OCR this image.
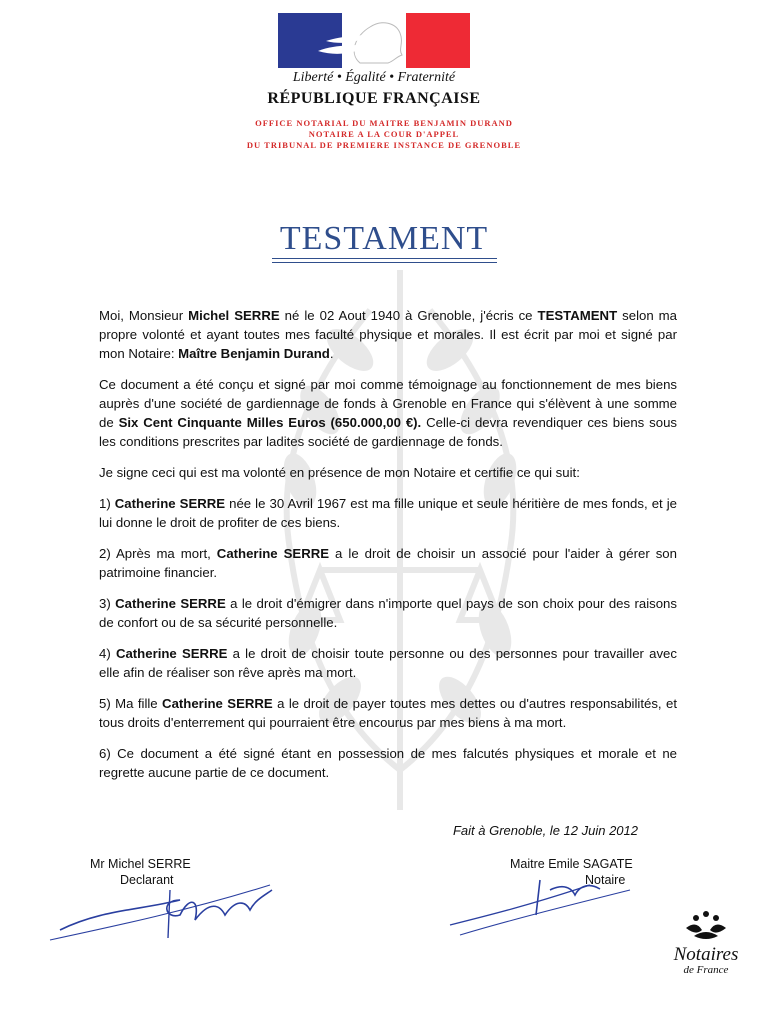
Liberté • Égalité • Fraternité
RÉPUBLIQUE FRANÇAISE
OFFICE NOTARIAL DU MAITRE BENJAMIN DURAND
NOTAIRE A LA COUR D'APPEL
DU TRIBUNAL DE PREMIERE INSTANCE DE GRENOBLE
TESTAMENT

Moi, Monsieur Michel SERRE né le 02 Aout 1940 à Grenoble, j'écris ce TESTAMENT selon ma propre volonté et ayant toutes mes faculté physique et morales. Il est écrit par moi et signé par mon Notaire: Maître Benjamin Durand.

Ce document a été conçu et signé par moi comme témoignage au fonctionnement de mes biens auprès d'une société de gardiennage de fonds à Grenoble en France qui s'élèvent à une somme de Six Cent Cinquante Milles Euros (650.000,00 €). Celle-ci devra revendiquer ces biens sous les conditions prescrites par ladites société de gardiennage de fonds.

Je signe ceci qui est ma volonté en présence de mon Notaire et certifie ce qui suit:

1) Catherine SERRE née le 30 Avril 1967 est ma fille unique et seule héritière de mes fonds, et je lui donne le droit de profiter de ces biens.

2) Après ma mort, Catherine SERRE a le droit de choisir un associé pour l'aider à gérer son patrimoine financier.

3) Catherine SERRE a le droit d'émigrer dans n'importe quel pays de son choix pour des raisons de confort ou de sa sécurité personnelle.

4) Catherine SERRE a le droit de choisir toute personne ou des personnes pour travailler avec elle afin de réaliser son rêve après ma mort.

5) Ma fille Catherine SERRE a le droit de payer toutes mes dettes ou d'autres responsabilités, et tous droits d'enterrement qui pourraient être encourus par mes biens à ma mort.

6) Ce document a été signé étant en possession de mes falcutés physiques et morale et ne regrette aucune partie de ce document.

Fait à Grenoble, le 12 Juin 2012
Mr Michel SERRE
Declarant
Maitre Emile SAGATE
Notaire
Notaires
de France
